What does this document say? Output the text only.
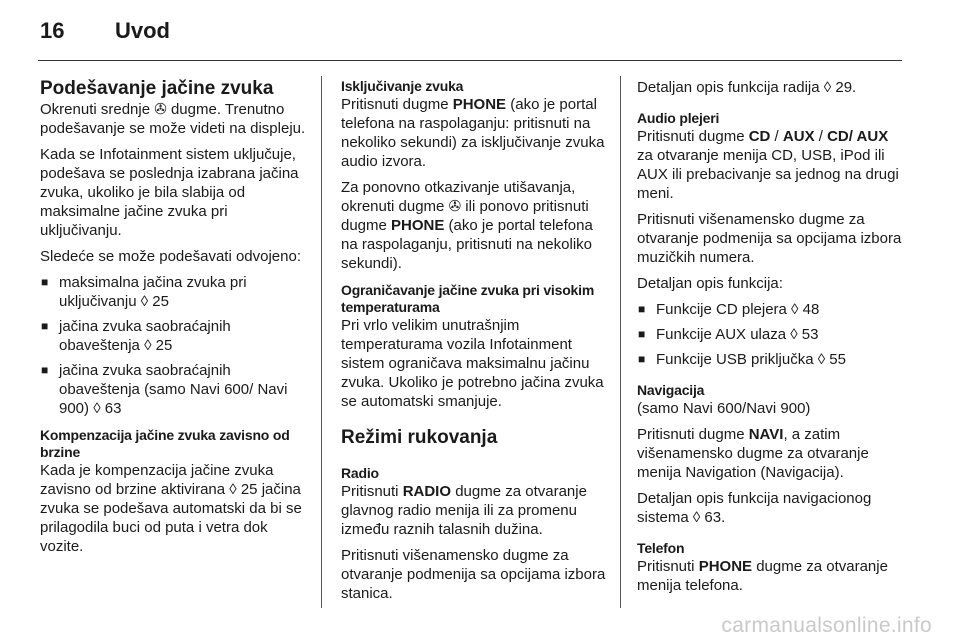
16 Uvod
Podešavanje jačine zvuka

Okrenuti srednje ✇ dugme. Trenutno podešavanje se može videti na displeju.

Kada se Infotainment sistem uključuje, podešava se poslednja izabrana jačina zvuka, ukoliko je bila slabija od maksimalne jačine zvuka pri uključivanju.

Sledeće se može podešavati odvojeno:

■ maksimalna jačina zvuka pri uključivanju ◊ 25
■ jačina zvuka saobraćajnih obaveštenja ◊ 25
■ jačina zvuka saobraćajnih obaveštenja (samo Navi 600/ Navi 900) ◊ 63
Kompenzacija jačine zvuka zavisno od brzine

Kada je kompenzacija jačine zvuka zavisno od brzine aktivirana ◊ 25 jačina zvuka se podešava automatski da bi se prilagodila buci od puta i vetra dok vozite.

Isključivanje zvuka

Pritisnuti dugme PHONE (ako je portal telefona na raspolaganju: pritisnuti na nekoliko sekundi) za isključivanje zvuka audio izvora.

Za ponovno otkazivanje utišavanja, okrenuti dugme ✇ ili ponovo pritisnuti dugme PHONE (ako je portal telefona na raspolaganju, pritisnuti na nekoliko sekundi).

Ograničavanje jačine zvuka pri visokim temperaturama

Pri vrlo velikim unutrašnjim temperaturama vozila Infotainment sistem ograničava maksimalnu jačinu zvuka. Ukoliko je potrebno jačina zvuka se automatski smanjuje.

Režimi rukovanja
Radio

Pritisnuti RADIO dugme za otvaranje glavnog radio menija ili za promenu između raznih talasnih dužina.

Pritisnuti višenamensko dugme za otvaranje podmenija sa opcijama izbora stanica.

Detaljan opis funkcija radija ◊ 29.

Audio plejeri

Pritisnuti dugme CD / AUX / CD/ AUX za otvaranje menija CD, USB, iPod ili AUX ili prebacivanje sa jednog na drugi meni.

Pritisnuti višenamensko dugme za otvaranje podmenija sa opcijama izbora muzičkih numera.

Detaljan opis funkcija:

■ Funkcije CD plejera ◊ 48
■ Funkcije AUX ulaza ◊ 53
■ Funkcije USB priključka ◊ 55
Navigacija

(samo Navi 600/Navi 900)

Pritisnuti dugme NAVI, a zatim višenamensko dugme za otvaranje menija Navigation (Navigacija).

Detaljan opis funkcija navigacionog sistema ◊ 63.

Telefon

Pritisnuti PHONE dugme za otvaranje menija telefona.

carmanualsonline.info
